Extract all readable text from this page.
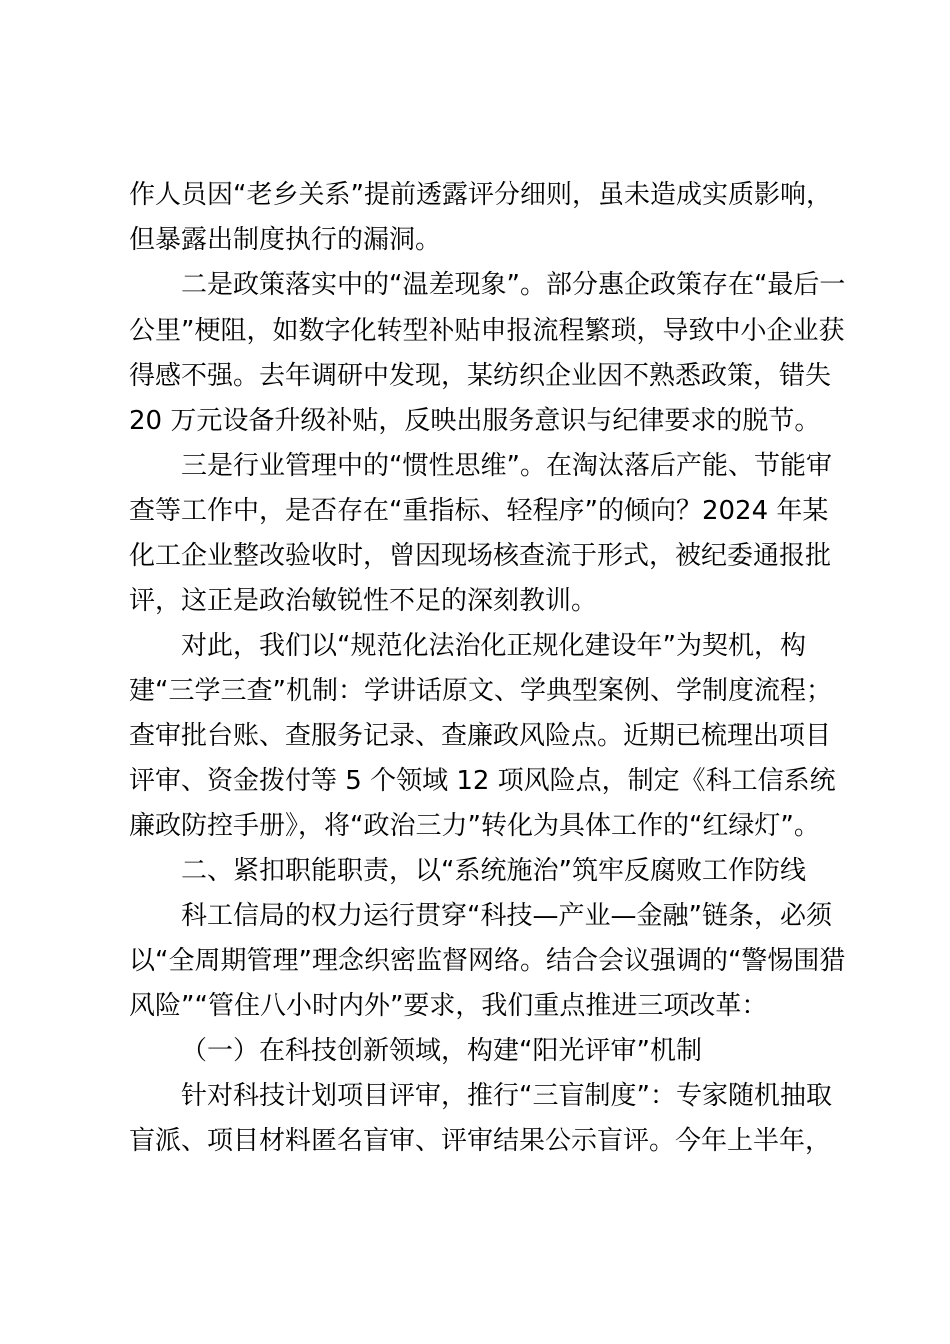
作人员因“老乡关系”提前透露评分细则，虽未造成实质影响，
但暴露出制度执行的漏洞。
二是政策落实中的“温差现象”。部分惠企政策存在“最后一
公里”梗阻，如数字化转型补贴申报流程繁琐，导致中小企业获
得感不强。去年调研中发现，某纺织企业因不熟悉政策，错失
20 万元设备升级补贴，反映出服务意识与纪律要求的脱节。
三是行业管理中的“惯性思维”。在淘汰落后产能、节能审
查等工作中，是否存在“重指标、轻程序”的倾向？2024 年某
化工企业整改验收时，曾因现场核查流于形式，被纪委通报批
评，这正是政治敏锐性不足的深刻教训。
对此，我们以“规范化法治化正规化建设年”为契机，构
建“三学三查”机制：学讲话原文、学典型案例、学制度流程；
查审批台账、查服务记录、查廉政风险点。近期已梳理出项目
评审、资金拨付等 5 个领域 12 项风险点，制定《科工信系统
廉政防控手册》，将“政治三力”转化为具体工作的“红绿灯”。
二、紧扣职能职责，以“系统施治”筑牢反腐败工作防线
科工信局的权力运行贯穿“科技—产业—金融”链条，必须
以“全周期管理”理念织密监督网络。结合会议强调的“警惕围猎
风险”“管住八小时内外”要求，我们重点推进三项改革：
（一）在科技创新领域，构建“阳光评审”机制
针对科技计划项目评审，推行“三盲制度”：专家随机抽取
盲派、项目材料匿名盲审、评审结果公示盲评。今年上半年，
